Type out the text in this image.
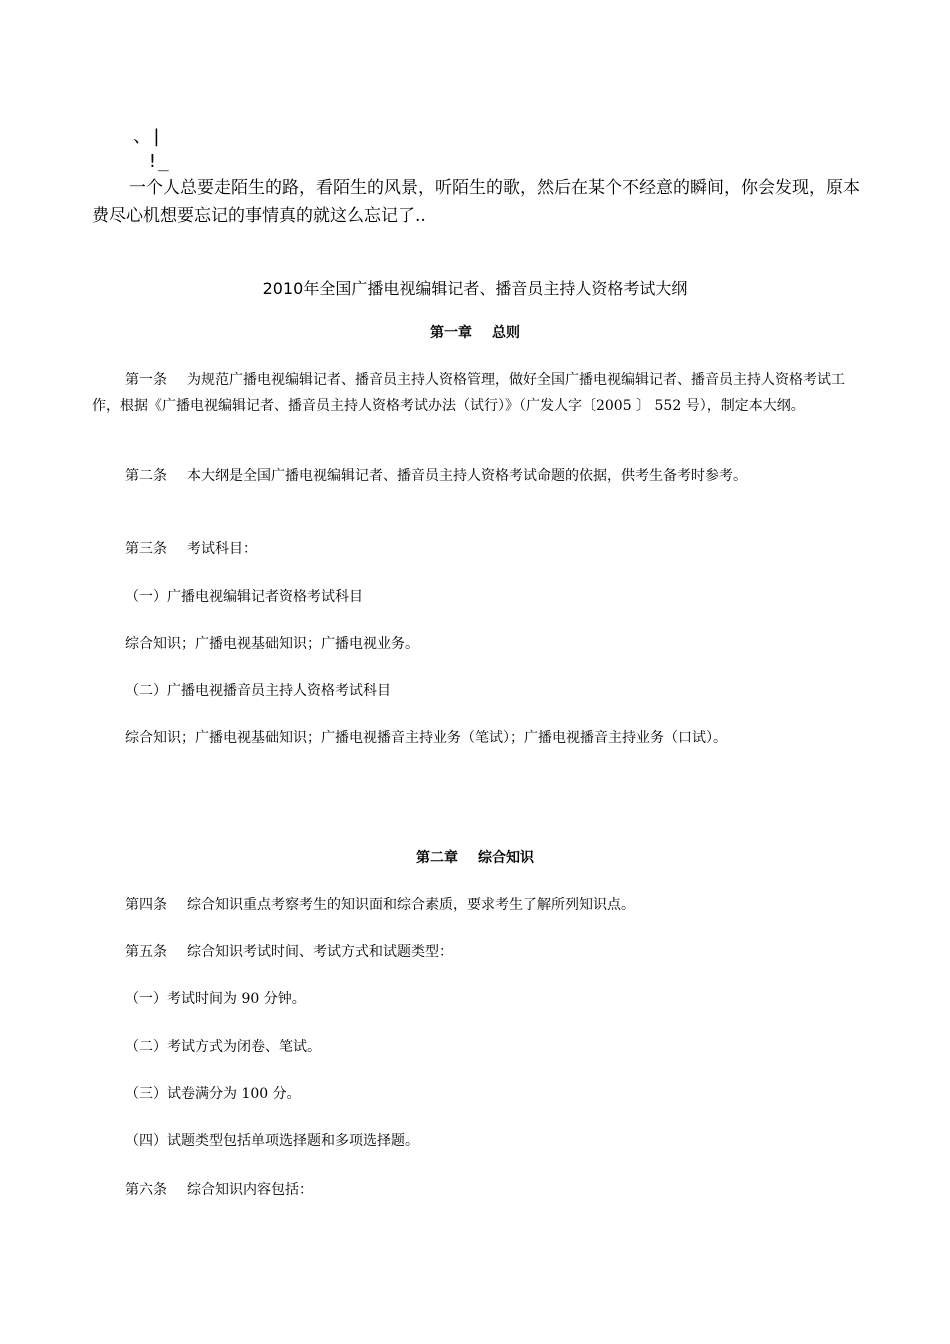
、|
!_
一个人总要走陌生的路，看陌生的风景，听陌生的歌，然后在某个不经意的瞬间，你会发现，原本费尽心机想要忘记的事情真的就这么忘记了..
2010年全国广播电视编辑记者、播音员主持人资格考试大纲
第一章 总则
第一条 为规范广播电视编辑记者、播音员主持人资格管理，做好全国广播电视编辑记者、播音员主持人资格考试工作，根据《广播电视编辑记者、播音员主持人资格考试办法（试行）》（广发人字〔2005 〕 552 号），制定本大纲。
第二条 本大纲是全国广播电视编辑记者、播音员主持人资格考试命题的依据，供考生备考时参考。
第三条 考试科目：
（一）广播电视编辑记者资格考试科目
综合知识；广播电视基础知识；广播电视业务。
（二）广播电视播音员主持人资格考试科目
综合知识；广播电视基础知识；广播电视播音主持业务（笔试）；广播电视播音主持业务（口试）。
第二章 综合知识
第四条 综合知识重点考察考生的知识面和综合素质，要求考生了解所列知识点。
第五条 综合知识考试时间、考试方式和试题类型：
（一）考试时间为 90 分钟。
（二）考试方式为闭卷、笔试。
（三）试卷满分为 100 分。
（四）试题类型包括单项选择题和多项选择题。
第六条 综合知识内容包括：
